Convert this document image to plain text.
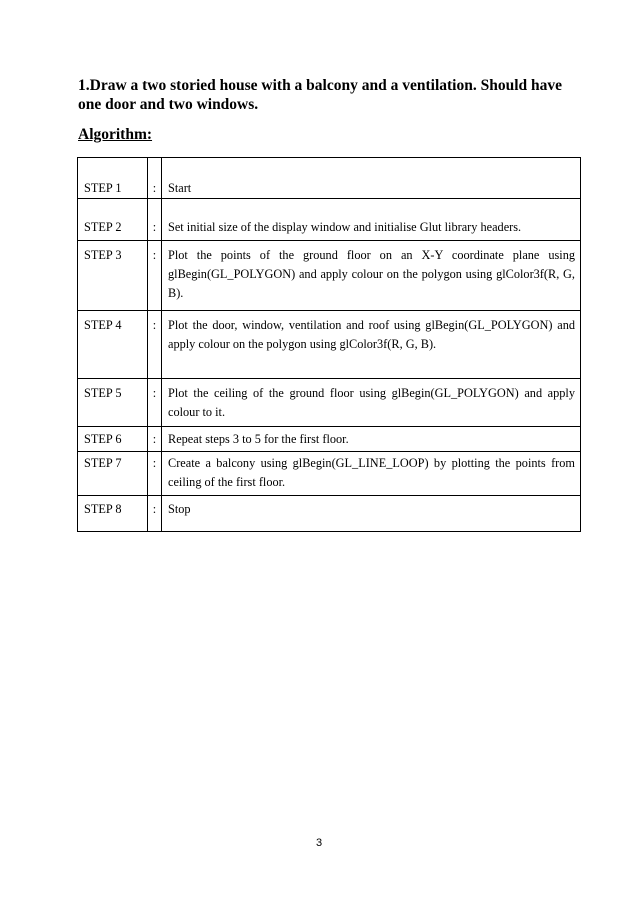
1.Draw a two storied house with a balcony and a ventilation. Should have one door and two windows.

Algorithm:

STEP 1	:	Start
STEP 2	:	Set initial size of the display window and initialise Glut library headers.
STEP 3	:	Plot the points of the ground floor on an X-Y coordinate plane using glBegin(GL_POLYGON) and apply colour on the polygon using glColor3f(R, G, B).
STEP 4	:	Plot the door, window, ventilation and roof using glBegin(GL_POLYGON) and apply colour on the polygon using glColor3f(R, G, B).
STEP 5	:	Plot the ceiling of the ground floor using glBegin(GL_POLYGON) and apply colour to it.
STEP 6	:	Repeat steps 3 to 5 for the first floor.
STEP 7	:	Create a balcony using glBegin(GL_LINE_LOOP) by plotting the points from ceiling of the first floor.
STEP 8	:	Stop
3
